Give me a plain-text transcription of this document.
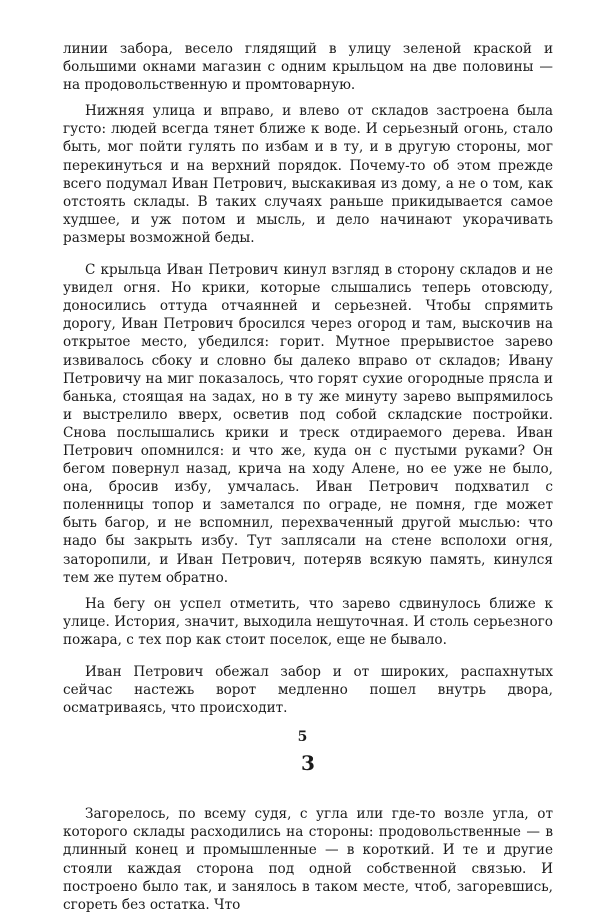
линии забора, весело глядящий в улицу зеленой краской и большими окнами магазин с одним крыльцом на две половины — на продовольственную и промтоварную.

Нижняя улица и вправо, и влево от складов застроена была густо: людей всегда тянет ближе к воде. И серьезный огонь, стало быть, мог пойти гулять по избам и в ту, и в другую стороны, мог перекинуться и на верхний порядок. Почему-то об этом прежде всего подумал Иван Петрович, выскакивая из дому, а не о том, как отстоять склады. В таких случаях раньше прикидывается самое худшее, и уж потом и мысль, и дело начинают укорачивать размеры возможной беды.

С крыльца Иван Петрович кинул взгляд в сторону складов и не увидел огня. Но крики, которые слышались теперь отовсюду, доносились оттуда отчаянней и серьезней. Чтобы спрямить дорогу, Иван Петрович бросился через огород и там, выскочив на открытое место, убедился: горит. Мутное прерывистое зарево извивалось сбоку и словно бы далеко вправо от складов; Ивану Петровичу на миг показалось, что горят сухие огородные прясла и банька, стоящая на задах, но в ту же минуту зарево выпрямилось и выстрелило вверх, осветив под собой складские постройки. Снова послышались крики и треск отдираемого дерева. Иван Петрович опомнился: и что же, куда он с пустыми руками? Он бегом повернул назад, крича на ходу Алене, но ее уже не было, она, бросив избу, умчалась. Иван Петрович подхватил с поленницы топор и заметался по ограде, не помня, где может быть багор, и не вспомнил, перехваченный другой мыслью: что надо бы закрыть избу. Тут заплясали на стене всполохи огня, заторопили, и Иван Петрович, потеряв всякую память, кинулся тем же путем обратно.

На бегу он успел отметить, что зарево сдвинулось ближе к улице. История, значит, выходила нешуточная. И столь серьезного пожара, с тех пор как стоит поселок, еще не бывало.

Иван Петрович обежал забор и от широких, распахнутых сейчас настежь ворот медленно пошел внутрь двора, осматриваясь, что происходит.

3

Загорелось, по всему судя, с угла или где-то возле угла, от которого склады расходились на стороны: продовольственные — в длинный конец и промышленные — в короткий. И те и другие стояли каждая сторона под одной собственной связью. И построено было так, и занялось в таком месте, чтоб, загоревшись, сгореть без остатка. Что

5
